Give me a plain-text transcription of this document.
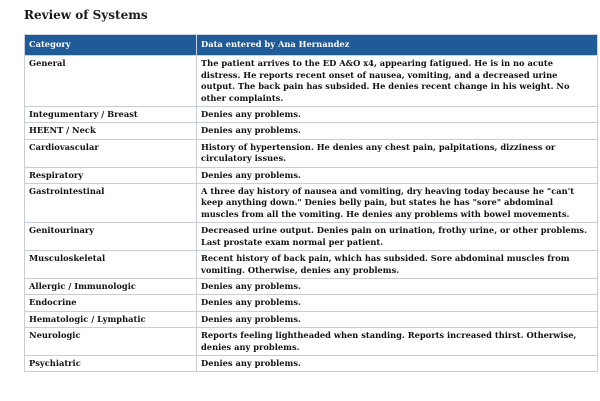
Review of Systems
Category	Data entered by Ana Hernandez
General	The patient arrives to the ED A&O x4, appearing fatigued. He is in no acute distress. He reports recent onset of nausea, vomiting, and a decreased urine output. The back pain has subsided. He denies recent change in his weight. No other complaints.
Integumentary / Breast	Denies any problems.
HEENT / Neck	Denies any problems.
Cardiovascular	History of hypertension. He denies any chest pain, palpitations, dizziness or circulatory issues.
Respiratory	Denies any problems.
Gastrointestinal	A three day history of nausea and vomiting, dry heaving today because he "can't keep anything down." Denies belly pain, but states he has "sore" abdominal muscles from all the vomiting. He denies any problems with bowel movements.
Genitourinary	Decreased urine output. Denies pain on urination, frothy urine, or other problems. Last prostate exam normal per patient.
Musculoskeletal	Recent history of back pain, which has subsided. Sore abdominal muscles from vomiting. Otherwise, denies any problems.
Allergic / Immunologic	Denies any problems.
Endocrine	Denies any problems.
Hematologic / Lymphatic	Denies any problems.
Neurologic	Reports feeling lightheaded when standing. Reports increased thirst. Otherwise, denies any problems.
Psychiatric	Denies any problems.
